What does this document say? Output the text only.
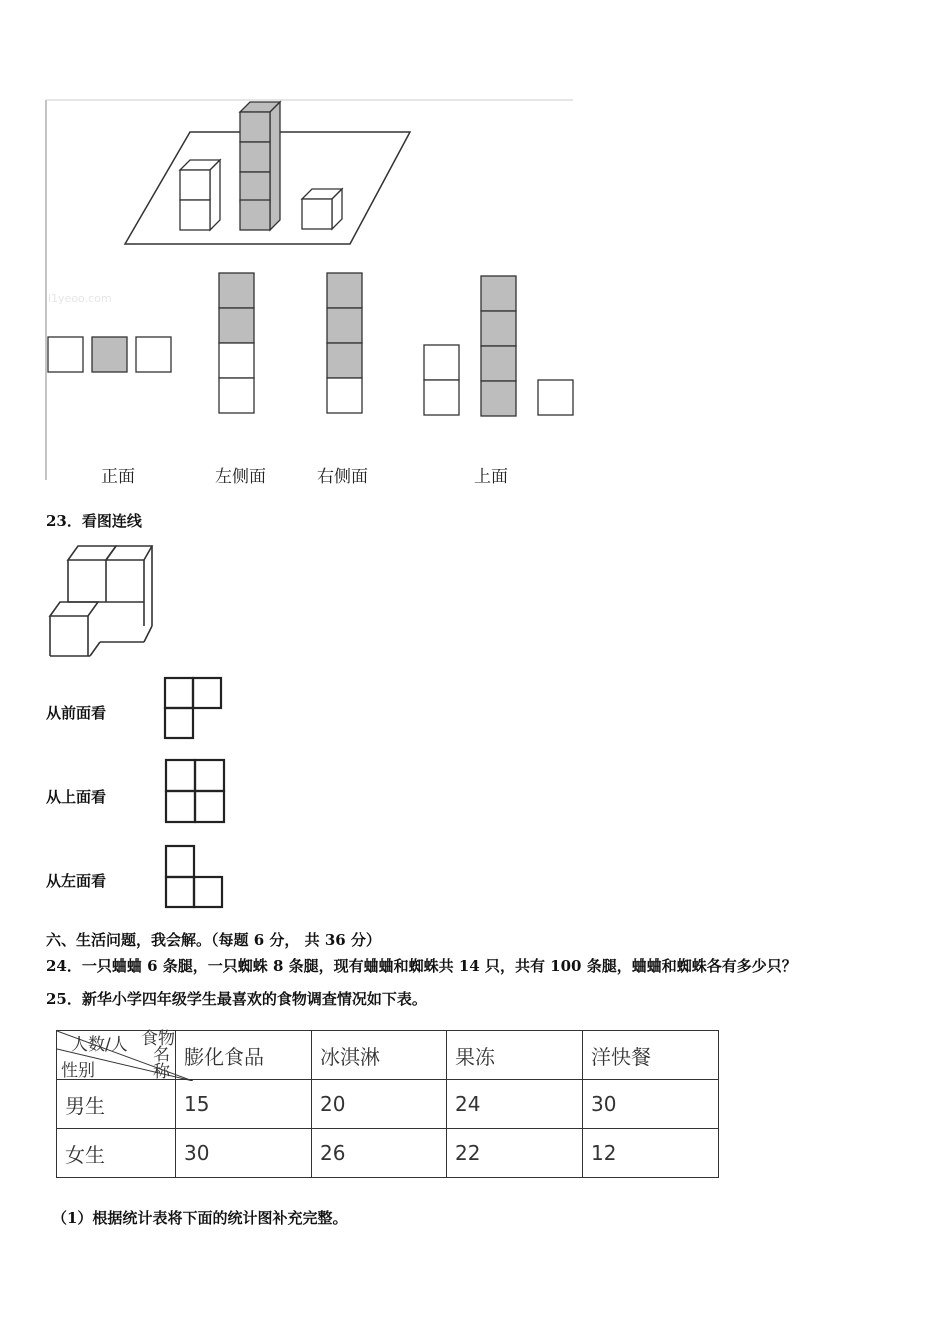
l1yeoo.com
正面	左侧面	右侧面	上面
23．看图连线
从前面看
从上面看
从左面看
六、生活问题，我会解。（每题 6 分， 共 36 分）
24．一只蛐蛐 6 条腿，一只蜘蛛 8 条腿，现有蛐蛐和蜘蛛共 14 只，共有 100 条腿，蛐蛐和蜘蛛各有多少只？
25．新华小学四年级学生最喜欢的食物调查情况如下表。
食物
人数/人 名称
性别	膨化食品	冰淇淋	果冻	洋快餐
男生	15	20	24	30
女生	30	26	22	12
（1）根据统计表将下面的统计图补充完整。
